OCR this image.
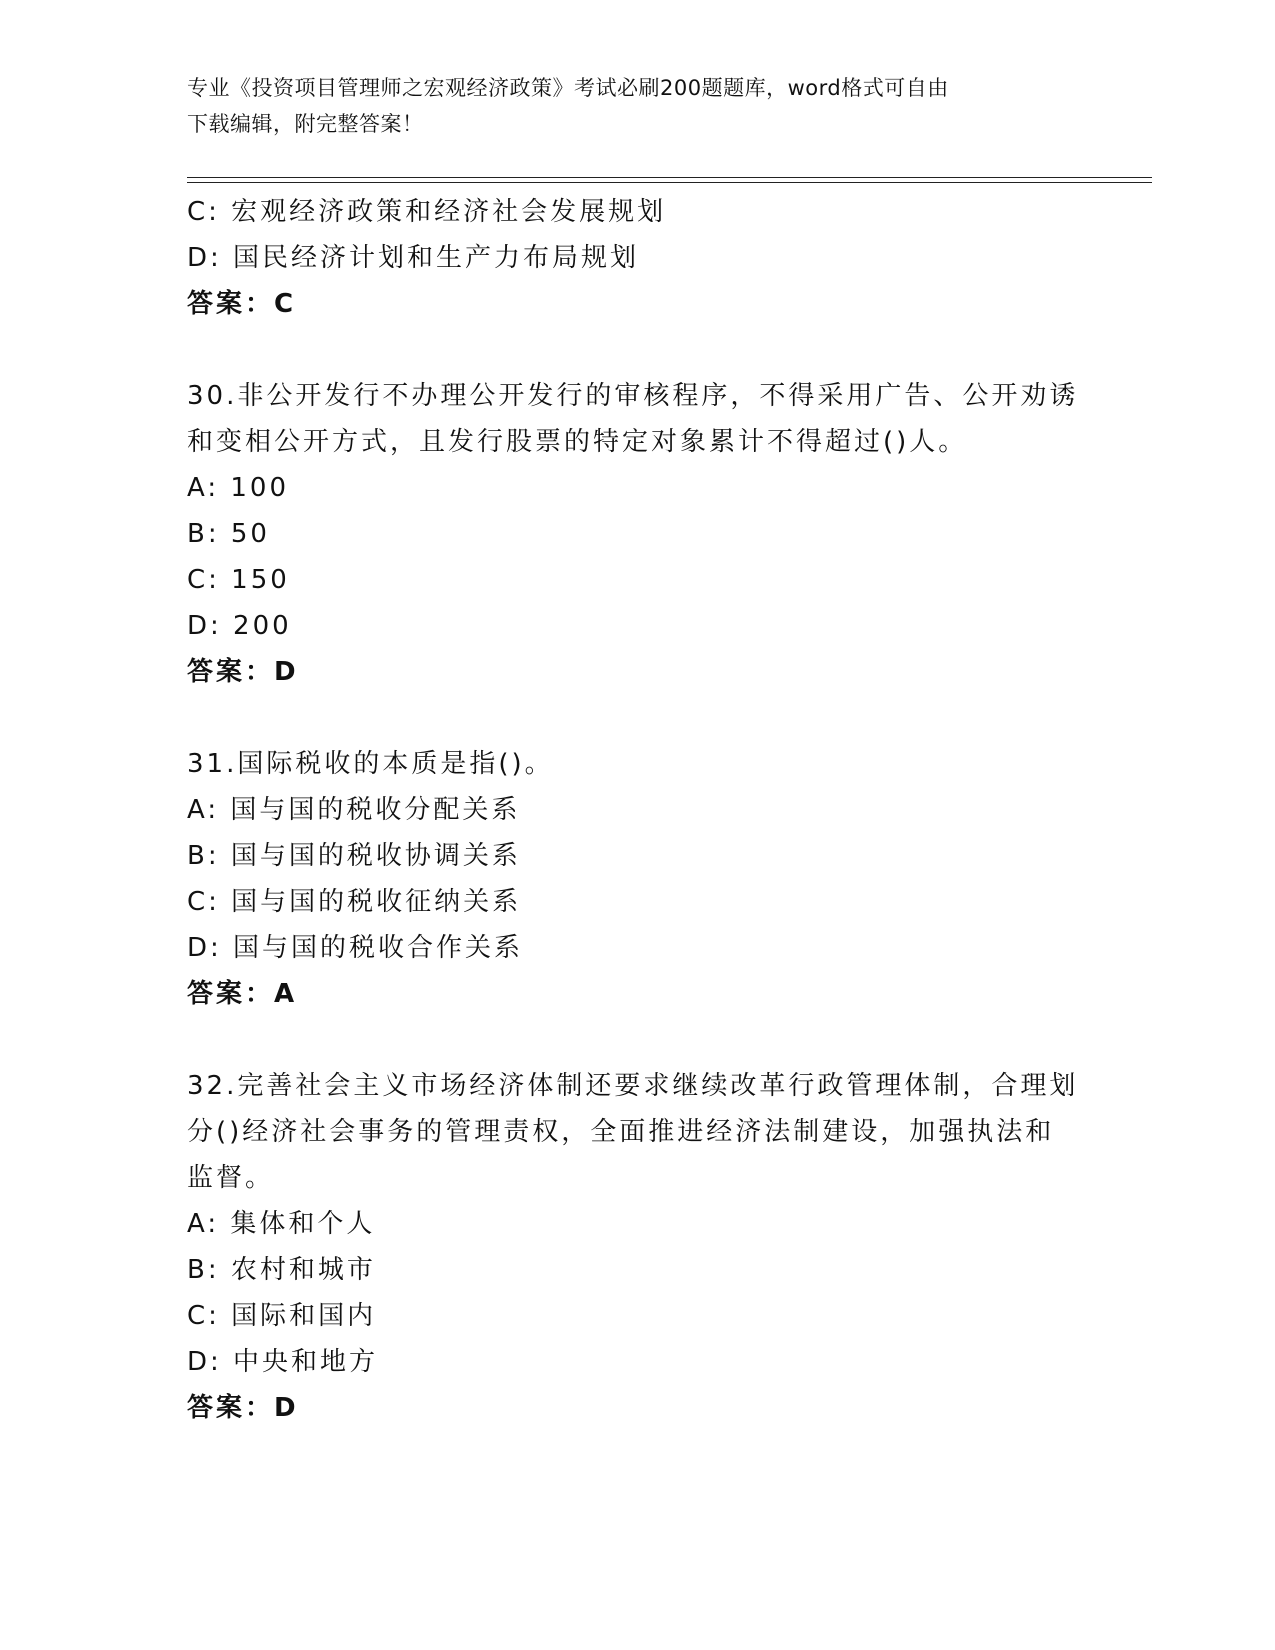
专业《投资项目管理师之宏观经济政策》考试必刷200题题库，word格式可自由
下载编辑，附完整答案！
C: 宏观经济政策和经济社会发展规划
D: 国民经济计划和生产力布局规划
答案：C
30.非公开发行不办理公开发行的审核程序，不得采用广告、公开劝诱
和变相公开方式，且发行股票的特定对象累计不得超过()人。
A: 100
B: 50
C: 150
D: 200
答案：D
31.国际税收的本质是指()。
A: 国与国的税收分配关系
B: 国与国的税收协调关系
C: 国与国的税收征纳关系
D: 国与国的税收合作关系
答案：A
32.完善社会主义市场经济体制还要求继续改革行政管理体制，合理划
分()经济社会事务的管理责权，全面推进经济法制建设，加强执法和
监督。
A: 集体和个人
B: 农村和城市
C: 国际和国内
D: 中央和地方
答案：D
